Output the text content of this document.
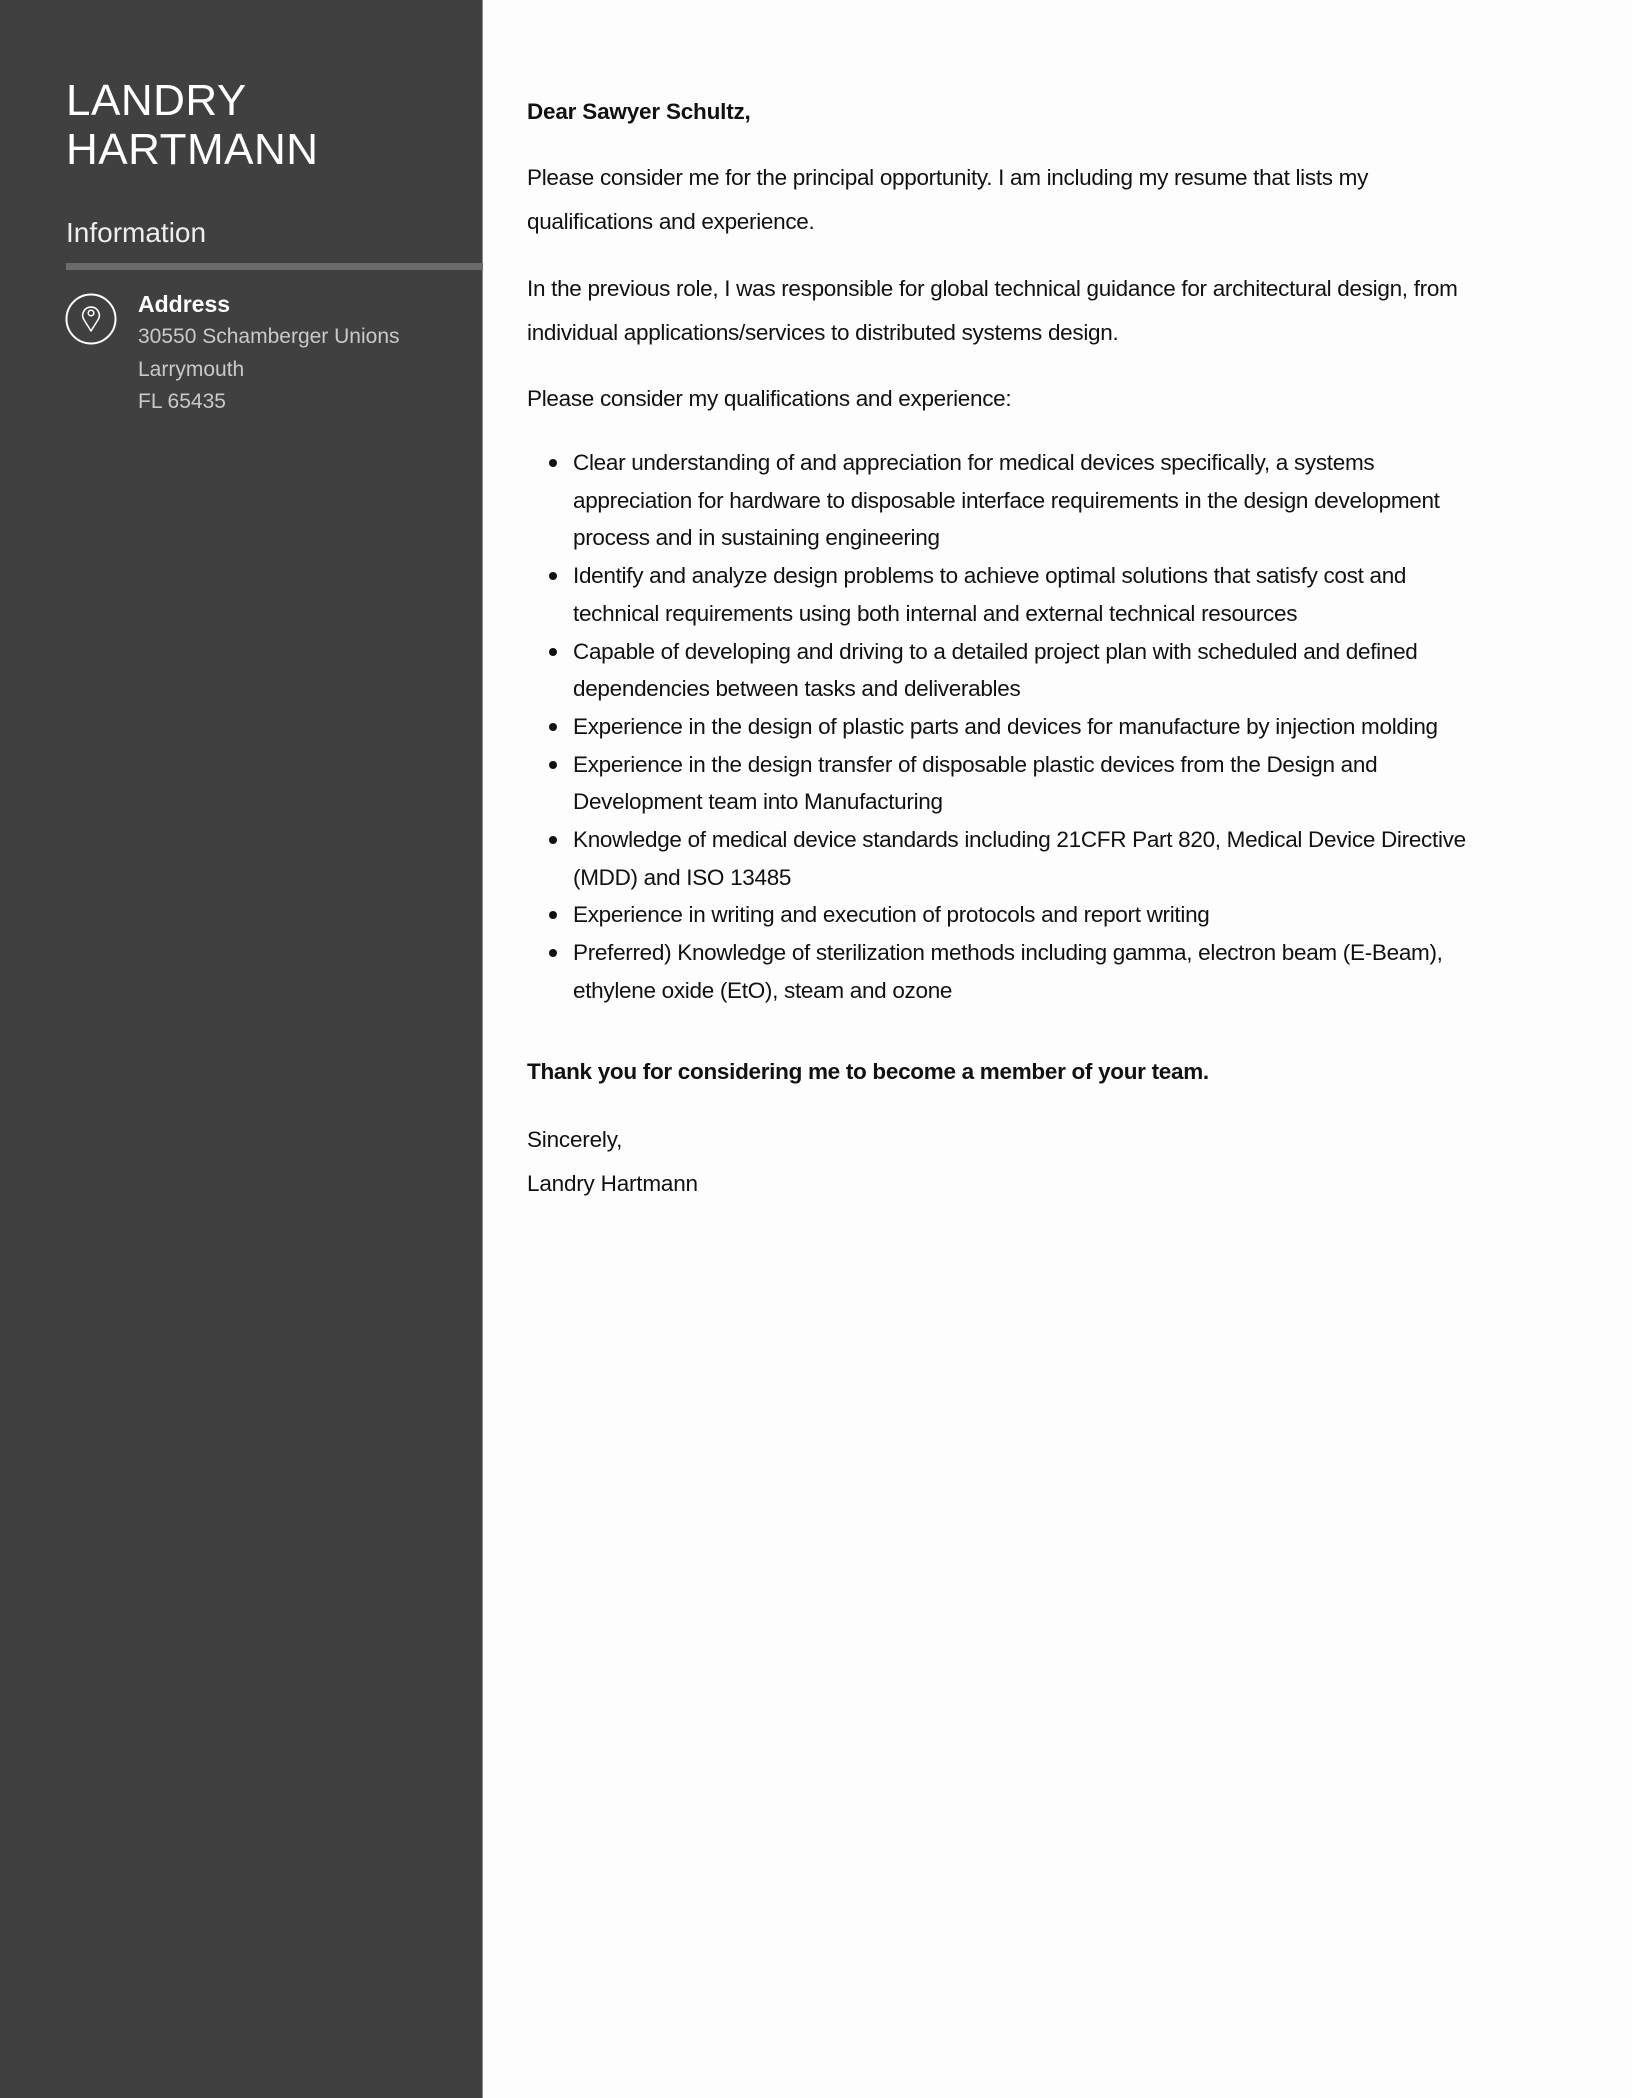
LANDRY
HARTMANN
Information
Address
30550 Schamberger Unions
Larrymouth
FL 65435
Dear Sawyer Schultz,

Please consider me for the principal opportunity. I am including my resume that lists my
qualifications and experience.

In the previous role, I was responsible for global technical guidance for architectural design, from
individual applications/services to distributed systems design.

Please consider my qualifications and experience:

Clear understanding of and appreciation for medical devices specifically, a systems
appreciation for hardware to disposable interface requirements in the design development
process and in sustaining engineering
Identify and analyze design problems to achieve optimal solutions that satisfy cost and
technical requirements using both internal and external technical resources
Capable of developing and driving to a detailed project plan with scheduled and defined
dependencies between tasks and deliverables
Experience in the design of plastic parts and devices for manufacture by injection molding
Experience in the design transfer of disposable plastic devices from the Design and
Development team into Manufacturing
Knowledge of medical device standards including 21CFR Part 820, Medical Device Directive
(MDD) and ISO 13485
Experience in writing and execution of protocols and report writing
Preferred) Knowledge of sterilization methods including gamma, electron beam (E-Beam),
ethylene oxide (EtO), steam and ozone
Thank you for considering me to become a member of your team.
Sincerely,
Landry Hartmann
